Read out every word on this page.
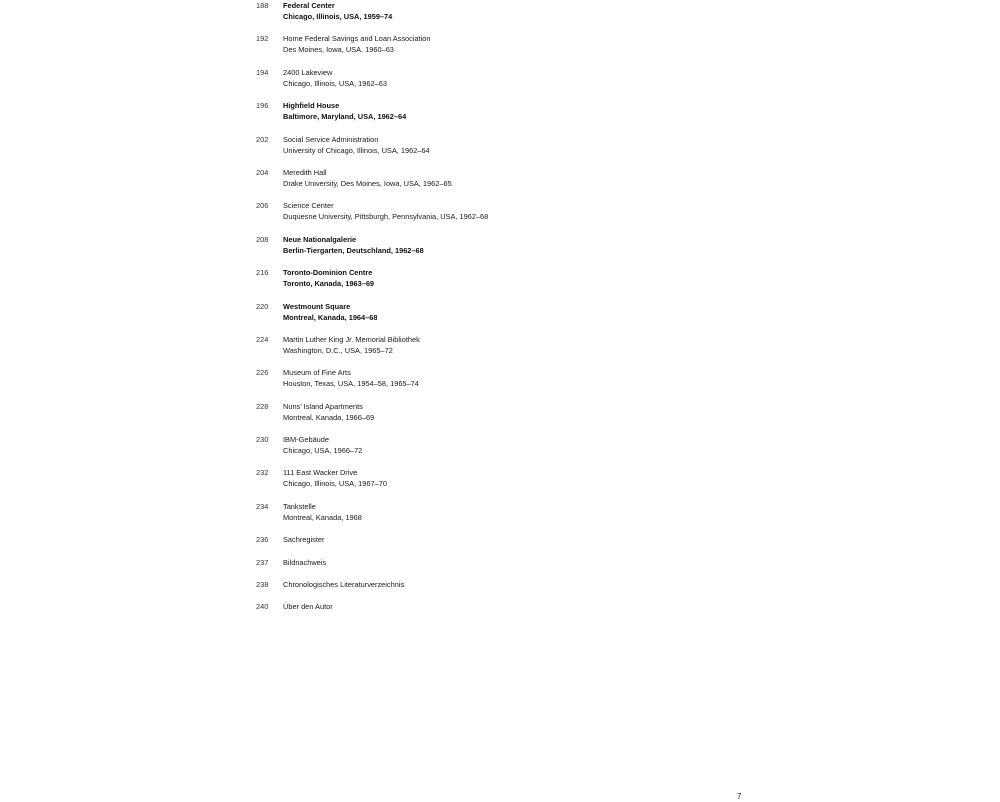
188	Federal Center
Chicago, Illinois, USA, 1959–74
192	Home Federal Savings and Loan Association
Des Moines, Iowa, USA, 1960–63
194	2400 Lakeview
Chicago, Illinois, USA, 1962–63
196	Highfield House
Baltimore, Maryland, USA, 1962–64
202	Social Service Administration
University of Chicago, Illinois, USA, 1962–64
204	Meredith Hall
Drake University, Des Moines, Iowa, USA, 1962–65
206	Science Center
Duquesne University, Pittsburgh, Pennsylvania, USA, 1962–68
208	Neue Nationalgalerie
Berlin-Tiergarten, Deutschland, 1962–68
216	Toronto-Dominion Centre
Toronto, Kanada, 1963–69
220	Westmount Square
Montreal, Kanada, 1964–68
224	Martin Luther King Jr. Memorial Bibliothek
Washington, D.C., USA, 1965–72
226	Museum of Fine Arts
Houston, Texas, USA, 1954–58, 1965–74
228	Nuns’ Island Apartments
Montreal, Kanada, 1966–69
230	IBM-Gebäude
Chicago, USA, 1966–72
232	111 East Wacker Drive
Chicago, Illinois, USA, 1967–70
234	Tankstelle
Montreal, Kanada, 1968
236	Sachregister
237	Bildnachweis
238	Chronologisches Literaturverzeichnis
240	Über den Autor
7
